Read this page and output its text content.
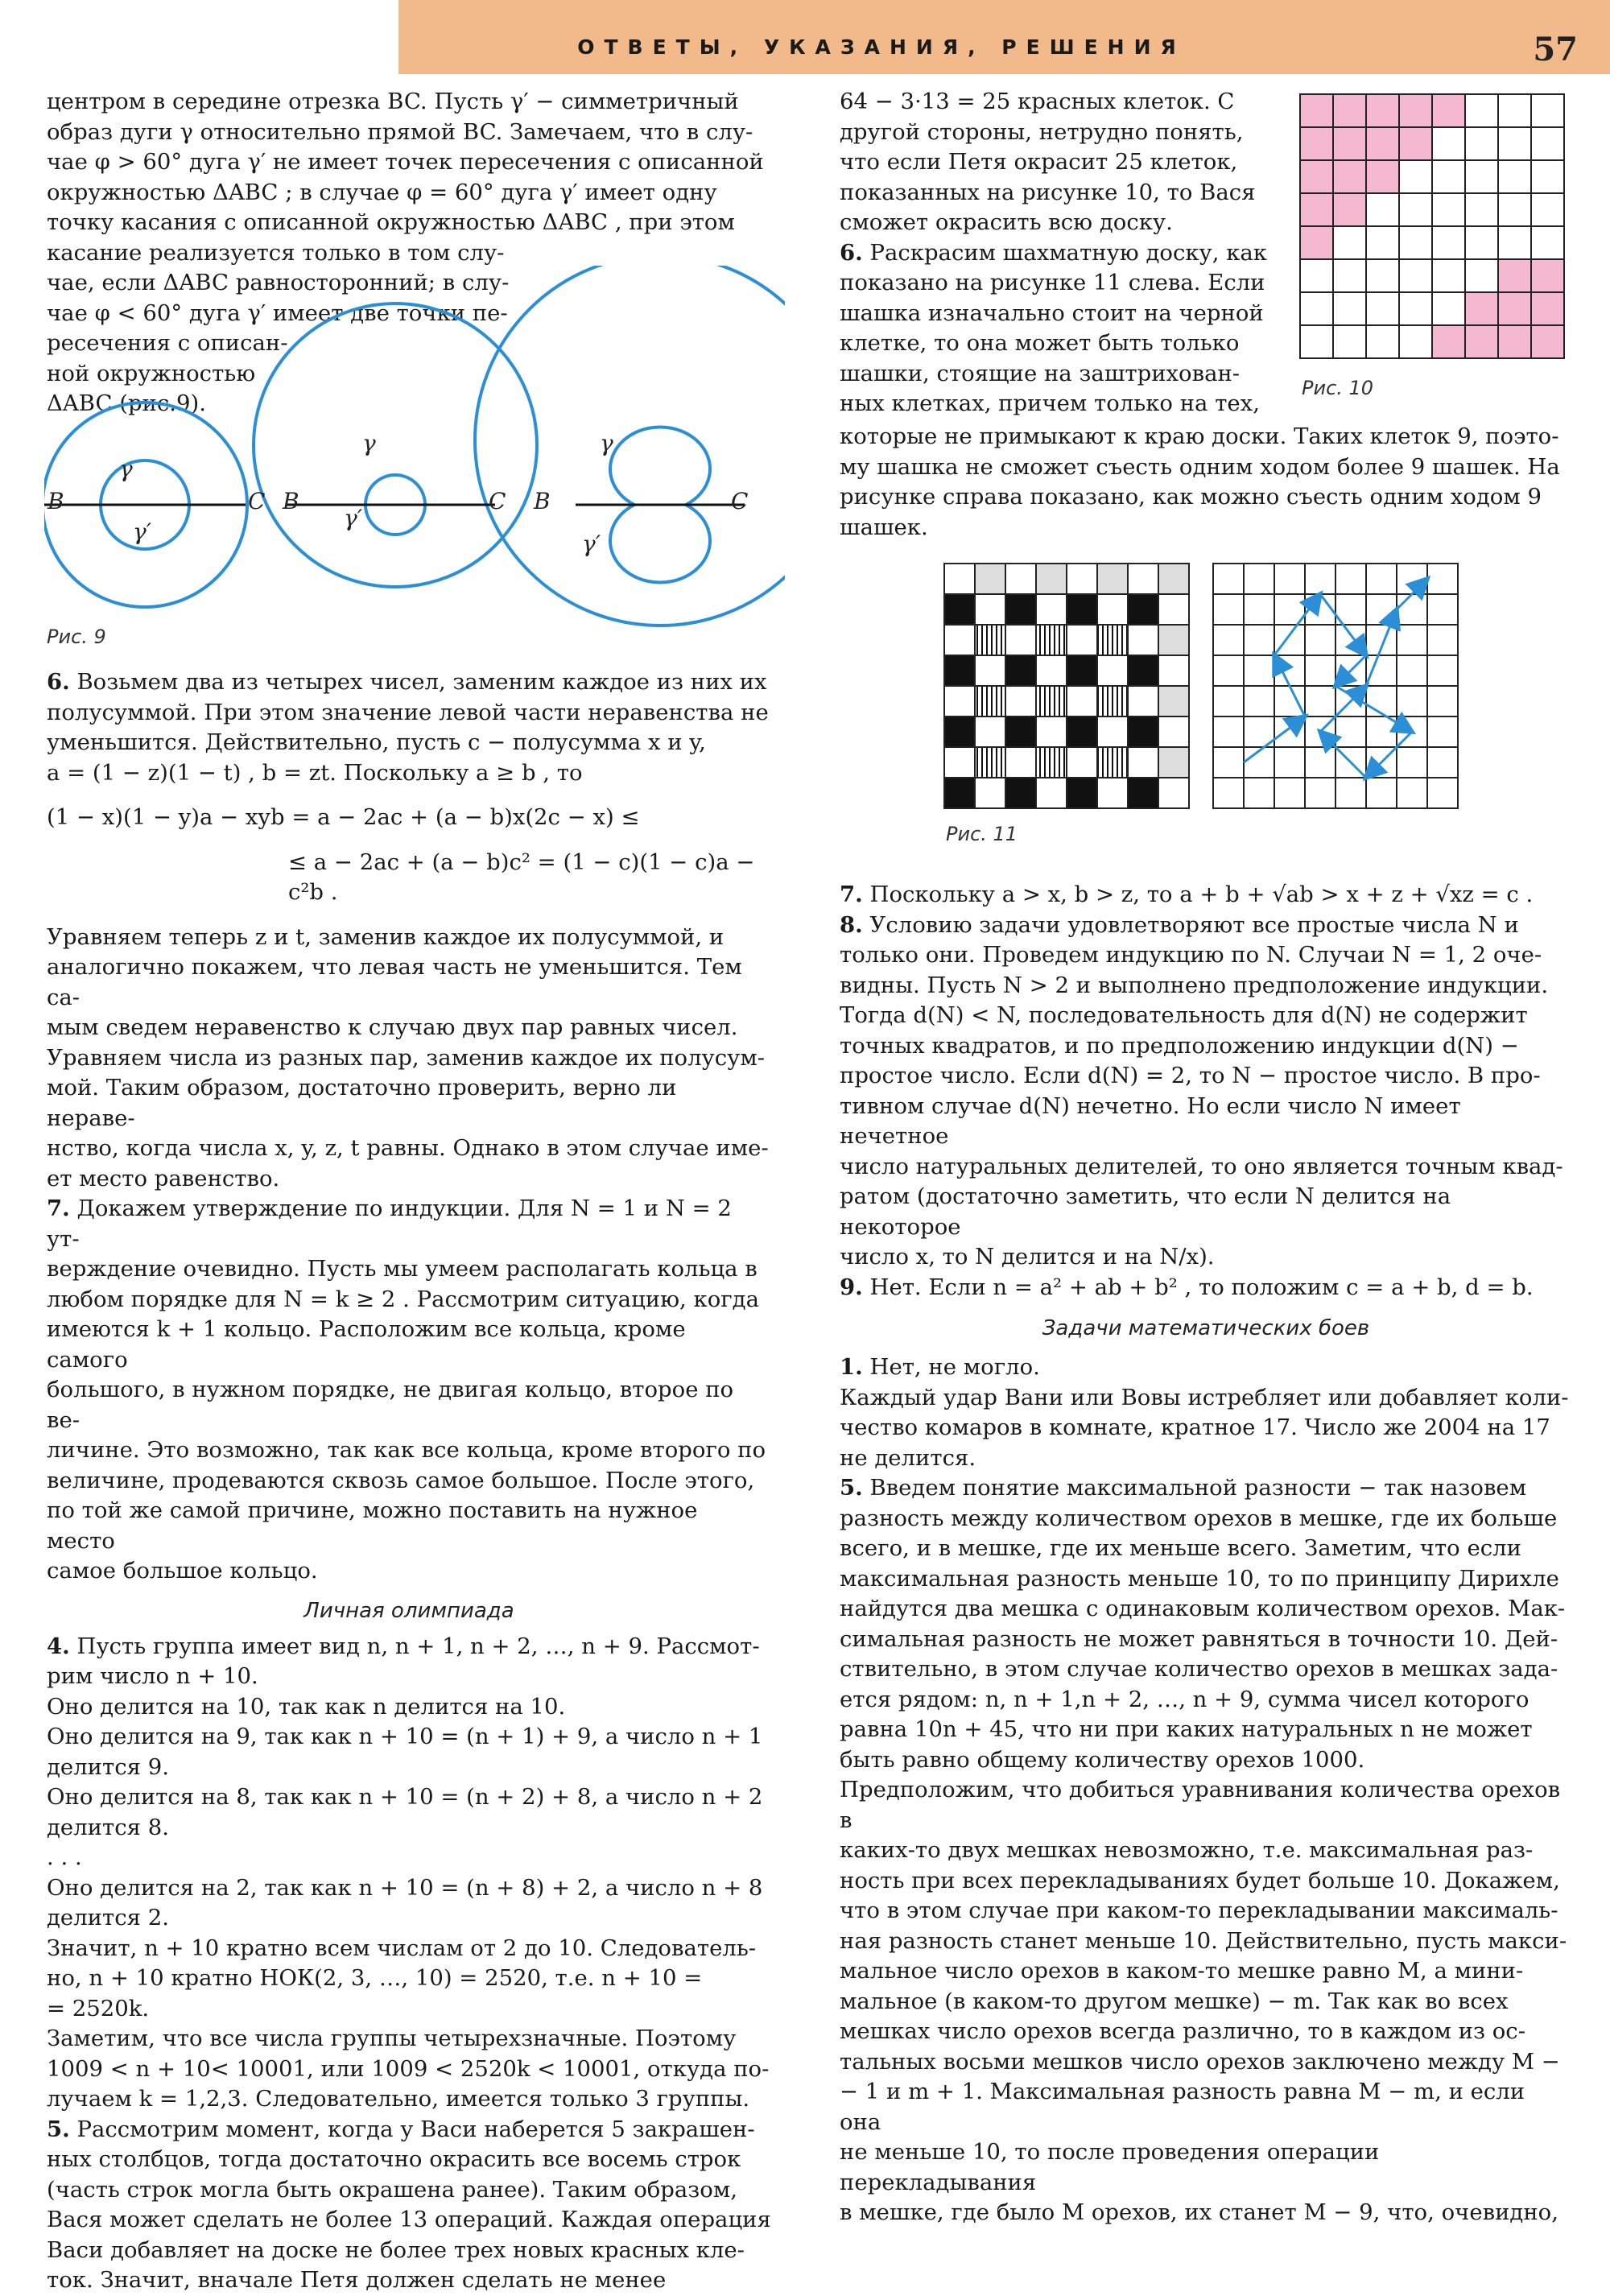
ОТВЕТЫ, УКАЗАНИЯ, РЕШЕНИЯ	57
центром в середине отрезка BC. Пусть γ′ − симметричный
образ дуги γ относительно прямой BC. Замечаем, что в слу-
чае φ > 60° дуга γ′ не имеет точек пересечения с описанной
окружностью ΔABC ; в случае φ = 60° дуга γ′ имеет одну
точку касания с описанной окружностью ΔABC , при этом
касание реализуется только в том слу-
чае, если ΔABC равносторонний; в слу-
чае φ < 60° дуга γ′ имеет две точки пе-
ресечения с описан-
ной окружностью
ΔABC (рис.9).
B	C
γ
γ′
B	C
γ
γ′
B	C
γ
γ′
Рис. 9
6. Возьмем два из четырех чисел, заменим каждое из них их
полусуммой. При этом значение левой части неравенства не
уменьшится. Действительно, пусть c − полусумма x и y,
a = (1 − z)(1 − t) , b = zt. Поскольку a ≥ b , то
(1 − x)(1 − y)a − xyb = a − 2ac + (a − b)x(2c − x) ≤
≤ a − 2ac + (a − b)c² = (1 − c)(1 − c)a − c²b .
Уравняем теперь z и t, заменив каждое их полусуммой, и
аналогично покажем, что левая часть не уменьшится. Тем са-
мым сведем неравенство к случаю двух пар равных чисел.
Уравняем числа из разных пар, заменив каждое их полусум-
мой. Таким образом, достаточно проверить, верно ли нераве-
нство, когда числа x, y, z, t равны. Однако в этом случае име-
ет место равенство.
7. Докажем утверждение по индукции. Для N = 1 и N = 2 ут-
верждение очевидно. Пусть мы умеем располагать кольца в
любом порядке для N = k ≥ 2 . Рассмотрим ситуацию, когда
имеются k + 1 кольцо. Расположим все кольца, кроме самого
большого, в нужном порядке, не двигая кольцо, второе по ве-
личине. Это возможно, так как все кольца, кроме второго по
величине, продеваются сквозь самое большое. После этого,
по той же самой причине, можно поставить на нужное место
самое большое кольцо.
Личная олимпиада
4. Пусть группа имеет вид n, n + 1, n + 2, …, n + 9. Рассмот-
рим число n + 10.
Оно делится на 10, так как n делится на 10.
Оно делится на 9, так как n + 10 = (n + 1) + 9, а число n + 1
делится 9.
Оно делится на 8, так как n + 10 = (n + 2) + 8, а число n + 2
делится 8.
. . .
Оно делится на 2, так как n + 10 = (n + 8) + 2, а число n + 8
делится 2.
Значит, n + 10 кратно всем числам от 2 до 10. Следователь-
но, n + 10 кратно НОК(2, 3, …, 10) = 2520, т.е. n + 10 =
= 2520k.
Заметим, что все числа группы четырехзначные. Поэтому
1009 < n + 10< 10001, или 1009 < 2520k < 10001, откуда по-
лучаем k = 1,2,3. Следовательно, имеется только 3 группы.
5. Рассмотрим момент, когда у Васи наберется 5 закрашен-
ных столбцов, тогда достаточно окрасить все восемь строк
(часть строк могла быть окрашена ранее). Таким образом,
Вася может сделать не более 13 операций. Каждая операция
Васи добавляет на доске не более трех новых красных кле-
ток. Значит, вначале Петя должен сделать не менее
64 − 3·13 = 25 красных клеток. С
другой стороны, нетрудно понять,
что если Петя окрасит 25 клеток,
показанных на рисунке 10, то Вася
сможет окрасить всю доску.
6. Раскрасим шахматную доску, как
показано на рисунке 11 слева. Если
шашка изначально стоит на черной
клетке, то она может быть только
шашки, стоящие на заштрихован-
ных клетках, причем только на тех,
Рис. 10
которые не примыкают к краю доски. Таких клеток 9, поэто-
му шашка не сможет съесть одним ходом более 9 шашек. На
рисунке справа показано, как можно съесть одним ходом 9
шашек.
Рис. 11
7. Поскольку a > x, b > z, то a + b + √ab > x + z + √xz = c .
8. Условию задачи удовлетворяют все простые числа N и
только они. Проведем индукцию по N. Случаи N = 1, 2 оче-
видны. Пусть N > 2 и выполнено предположение индукции.
Тогда d(N) < N, последовательность для d(N) не содержит
точных квадратов, и по предположению индукции d(N) −
простое число. Если d(N) = 2, то N − простое число. В про-
тивном случае d(N) нечетно. Но если число N имеет нечетное
число натуральных делителей, то оно является точным квад-
ратом (достаточно заметить, что если N делится на некоторое
число x, то N делится и на N/x).
9. Нет. Если n = a² + ab + b² , то положим c = a + b, d = b.
Задачи математических боев
1. Нет, не могло.
Каждый удар Вани или Вовы истребляет или добавляет коли-
чество комаров в комнате, кратное 17. Число же 2004 на 17
не делится.
5. Введем понятие максимальной разности − так назовем
разность между количеством орехов в мешке, где их больше
всего, и в мешке, где их меньше всего. Заметим, что если
максимальная разность меньше 10, то по принципу Дирихле
найдутся два мешка с одинаковым количеством орехов. Мак-
симальная разность не может равняться в точности 10. Дей-
ствительно, в этом случае количество орехов в мешках зада-
ется рядом: n, n + 1,n + 2, …, n + 9, сумма чисел которого
равна 10n + 45, что ни при каких натуральных n не может
быть равно общему количеству орехов 1000.
Предположим, что добиться уравнивания количества орехов в
каких-то двух мешках невозможно, т.е. максимальная раз-
ность при всех перекладываниях будет больше 10. Докажем,
что в этом случае при каком-то перекладывании максималь-
ная разность станет меньше 10. Действительно, пусть макси-
мальное число орехов в каком-то мешке равно M, а мини-
мальное (в каком-то другом мешке) − m. Так как во всех
мешках число орехов всегда различно, то в каждом из ос-
тальных восьми мешков число орехов заключено между M −
− 1 и m + 1. Максимальная разность равна M − m, и если она
не меньше 10, то после проведения операции перекладывания
в мешке, где было M орехов, их станет M − 9, что, очевидно,
